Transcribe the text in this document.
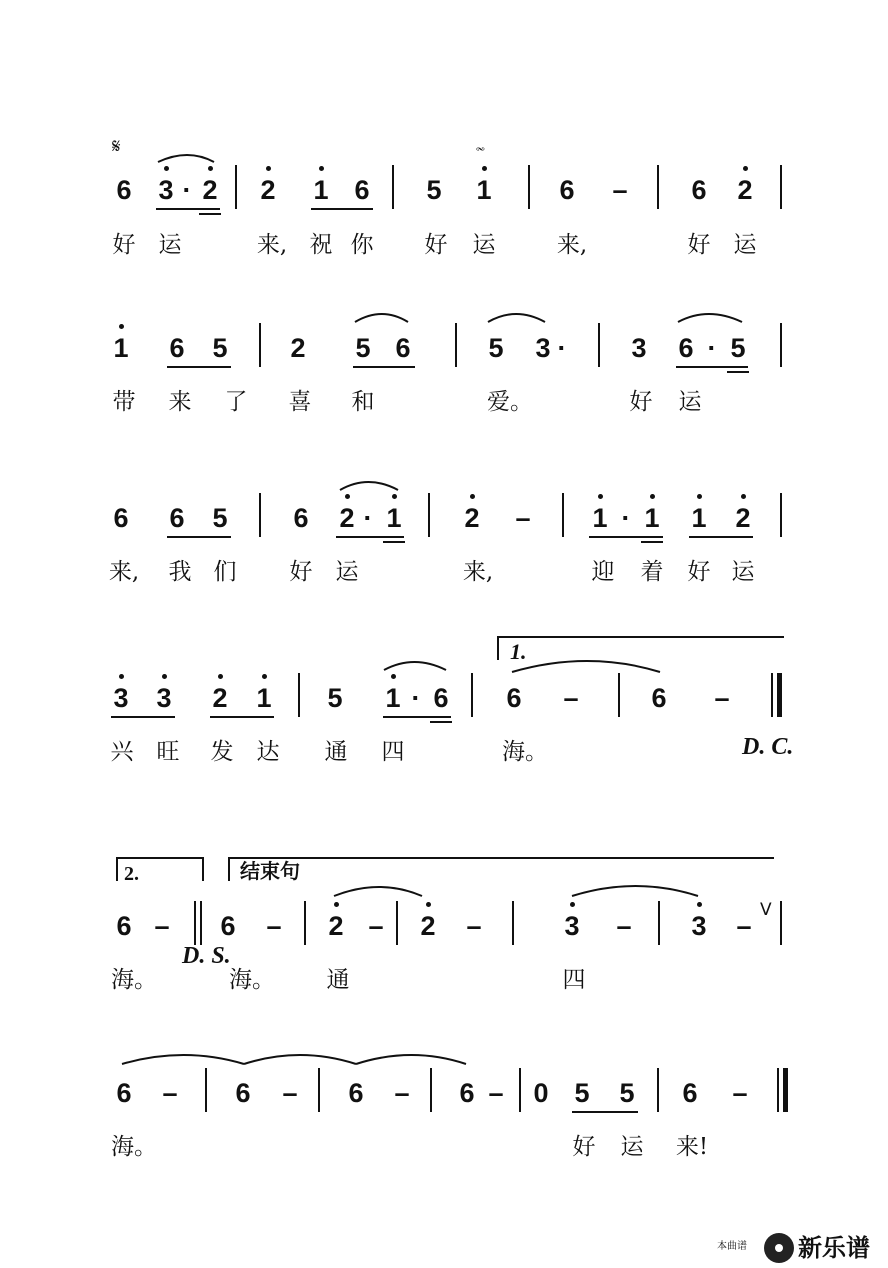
𝄋	𝆗
6 3 · 2 2 1 6 5 1	6 – 6 2
好 运	来, 祝 你 好 运	来,	好 运
1 6 5 2 5 6	5 3 · 3 6 · 5
带 来 了 喜 和	爱。	好 运
6 6 5 6 2 · 1 2 – 1 · 1 1 2
来, 我 们 好 运	来,	迎 着 好 运
1.
3 3 2 1 5 1 · 6 6 –	6 –
兴 旺 发 达 通 四	海。	D. C.
2.	结束句
6 – 6 – 2 – 2 –	3 – 3 –
V
D. S.
海。	海。 通	四
6 – 6 – 6 – 6 – 0 5 5 6 –
海。	好 运 来!
本曲谱 新乐谱
